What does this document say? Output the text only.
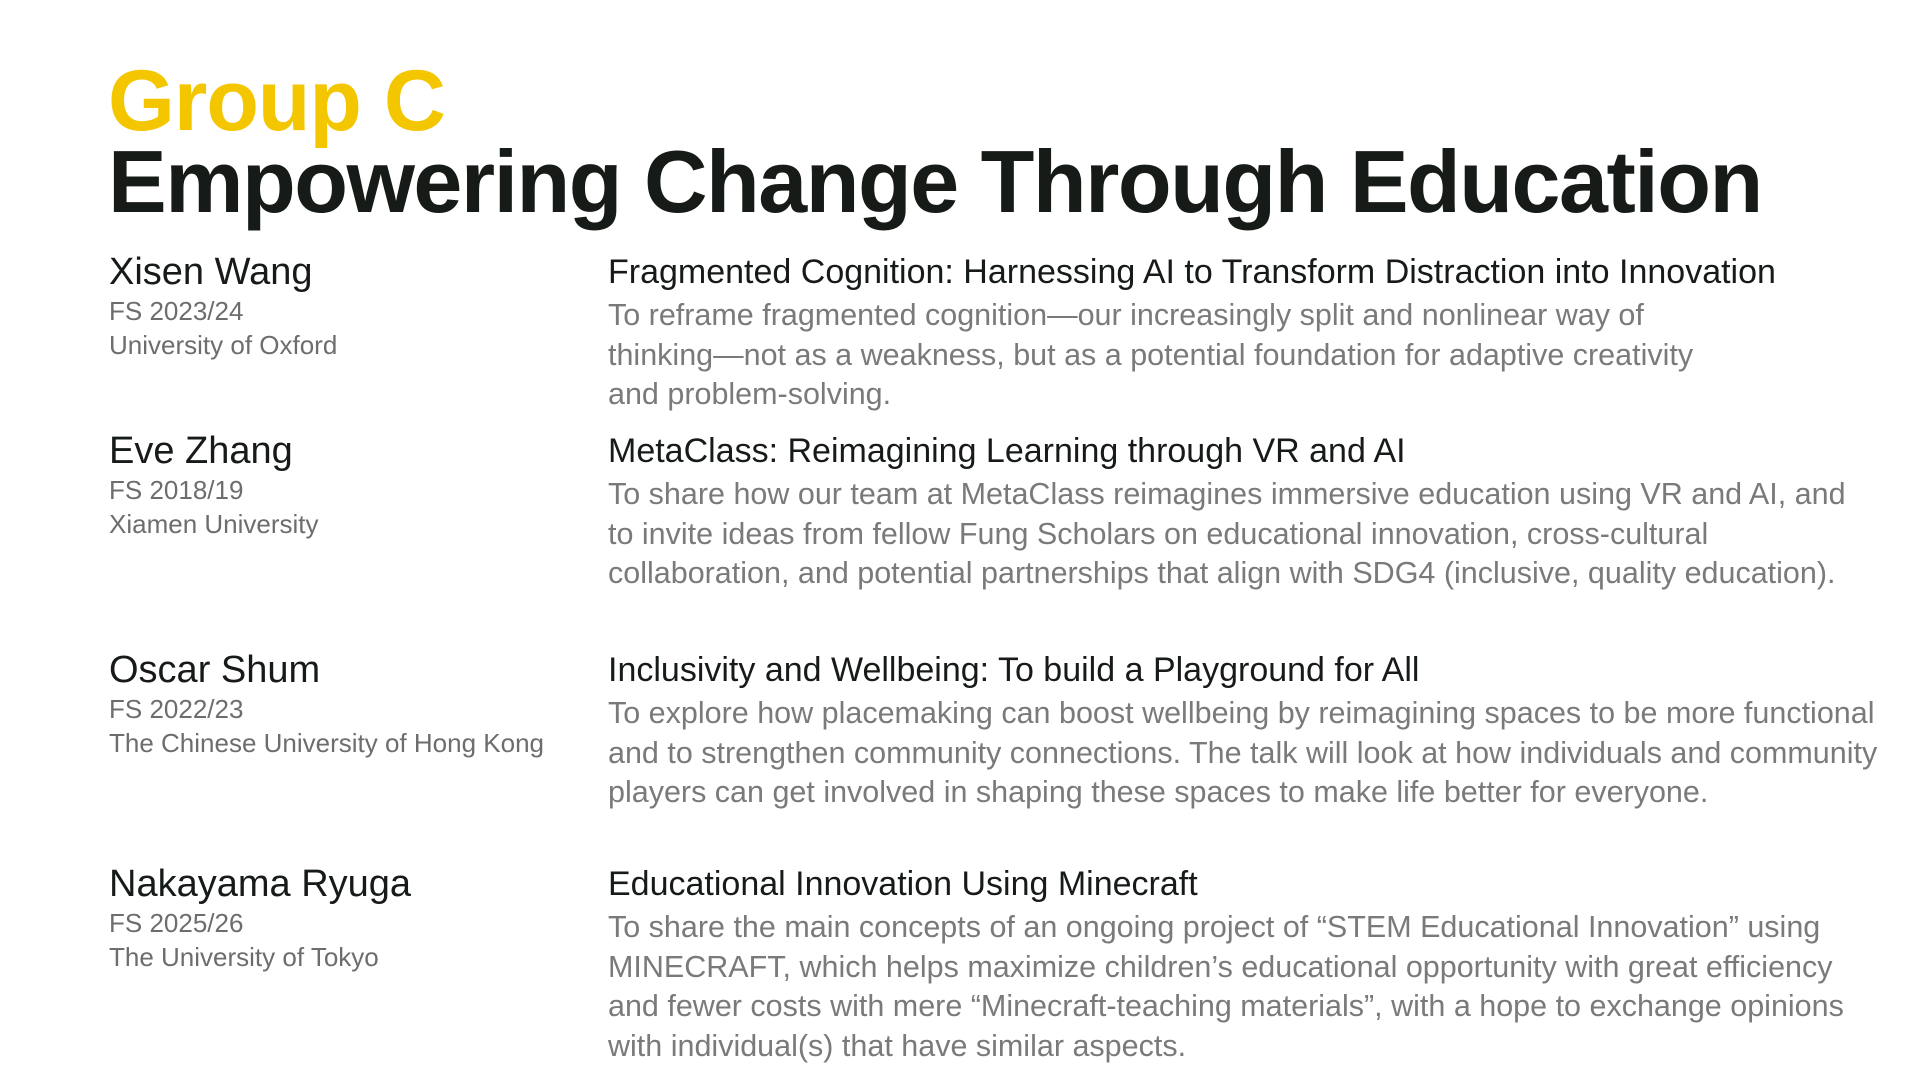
Group C
Empowering Change Through Education

Xisen Wang

FS 2023/24

University of Oxford

Fragmented Cognition: Harnessing AI to Transform Distraction into Innovation

To reframe fragmented cognition—our increasingly split and nonlinear way of thinking—not as a weakness, but as a potential foundation for adaptive creativity and problem-solving.

Eve Zhang

FS 2018/19

Xiamen University

MetaClass: Reimagining Learning through VR and AI

To share how our team at MetaClass reimagines immersive education using VR and AI, and to invite ideas from fellow Fung Scholars on educational innovation, cross-cultural collaboration, and potential partnerships that align with SDG4 (inclusive, quality education).

Oscar Shum

FS 2022/23

The Chinese University of Hong Kong

Inclusivity and Wellbeing: To build a Playground for All

To explore how placemaking can boost wellbeing by reimagining spaces to be more functional and to strengthen community connections. The talk will look at how individuals and community players can get involved in shaping these spaces to make life better for everyone.

Nakayama Ryuga

FS 2025/26

The University of Tokyo

Educational Innovation Using Minecraft

To share the main concepts of an ongoing project of “STEM Educational Innovation” using MINECRAFT, which helps maximize children’s educational opportunity with great efficiency and fewer costs with mere “Minecraft-teaching materials”, with a hope to exchange opinions with individual(s) that have similar aspects.
